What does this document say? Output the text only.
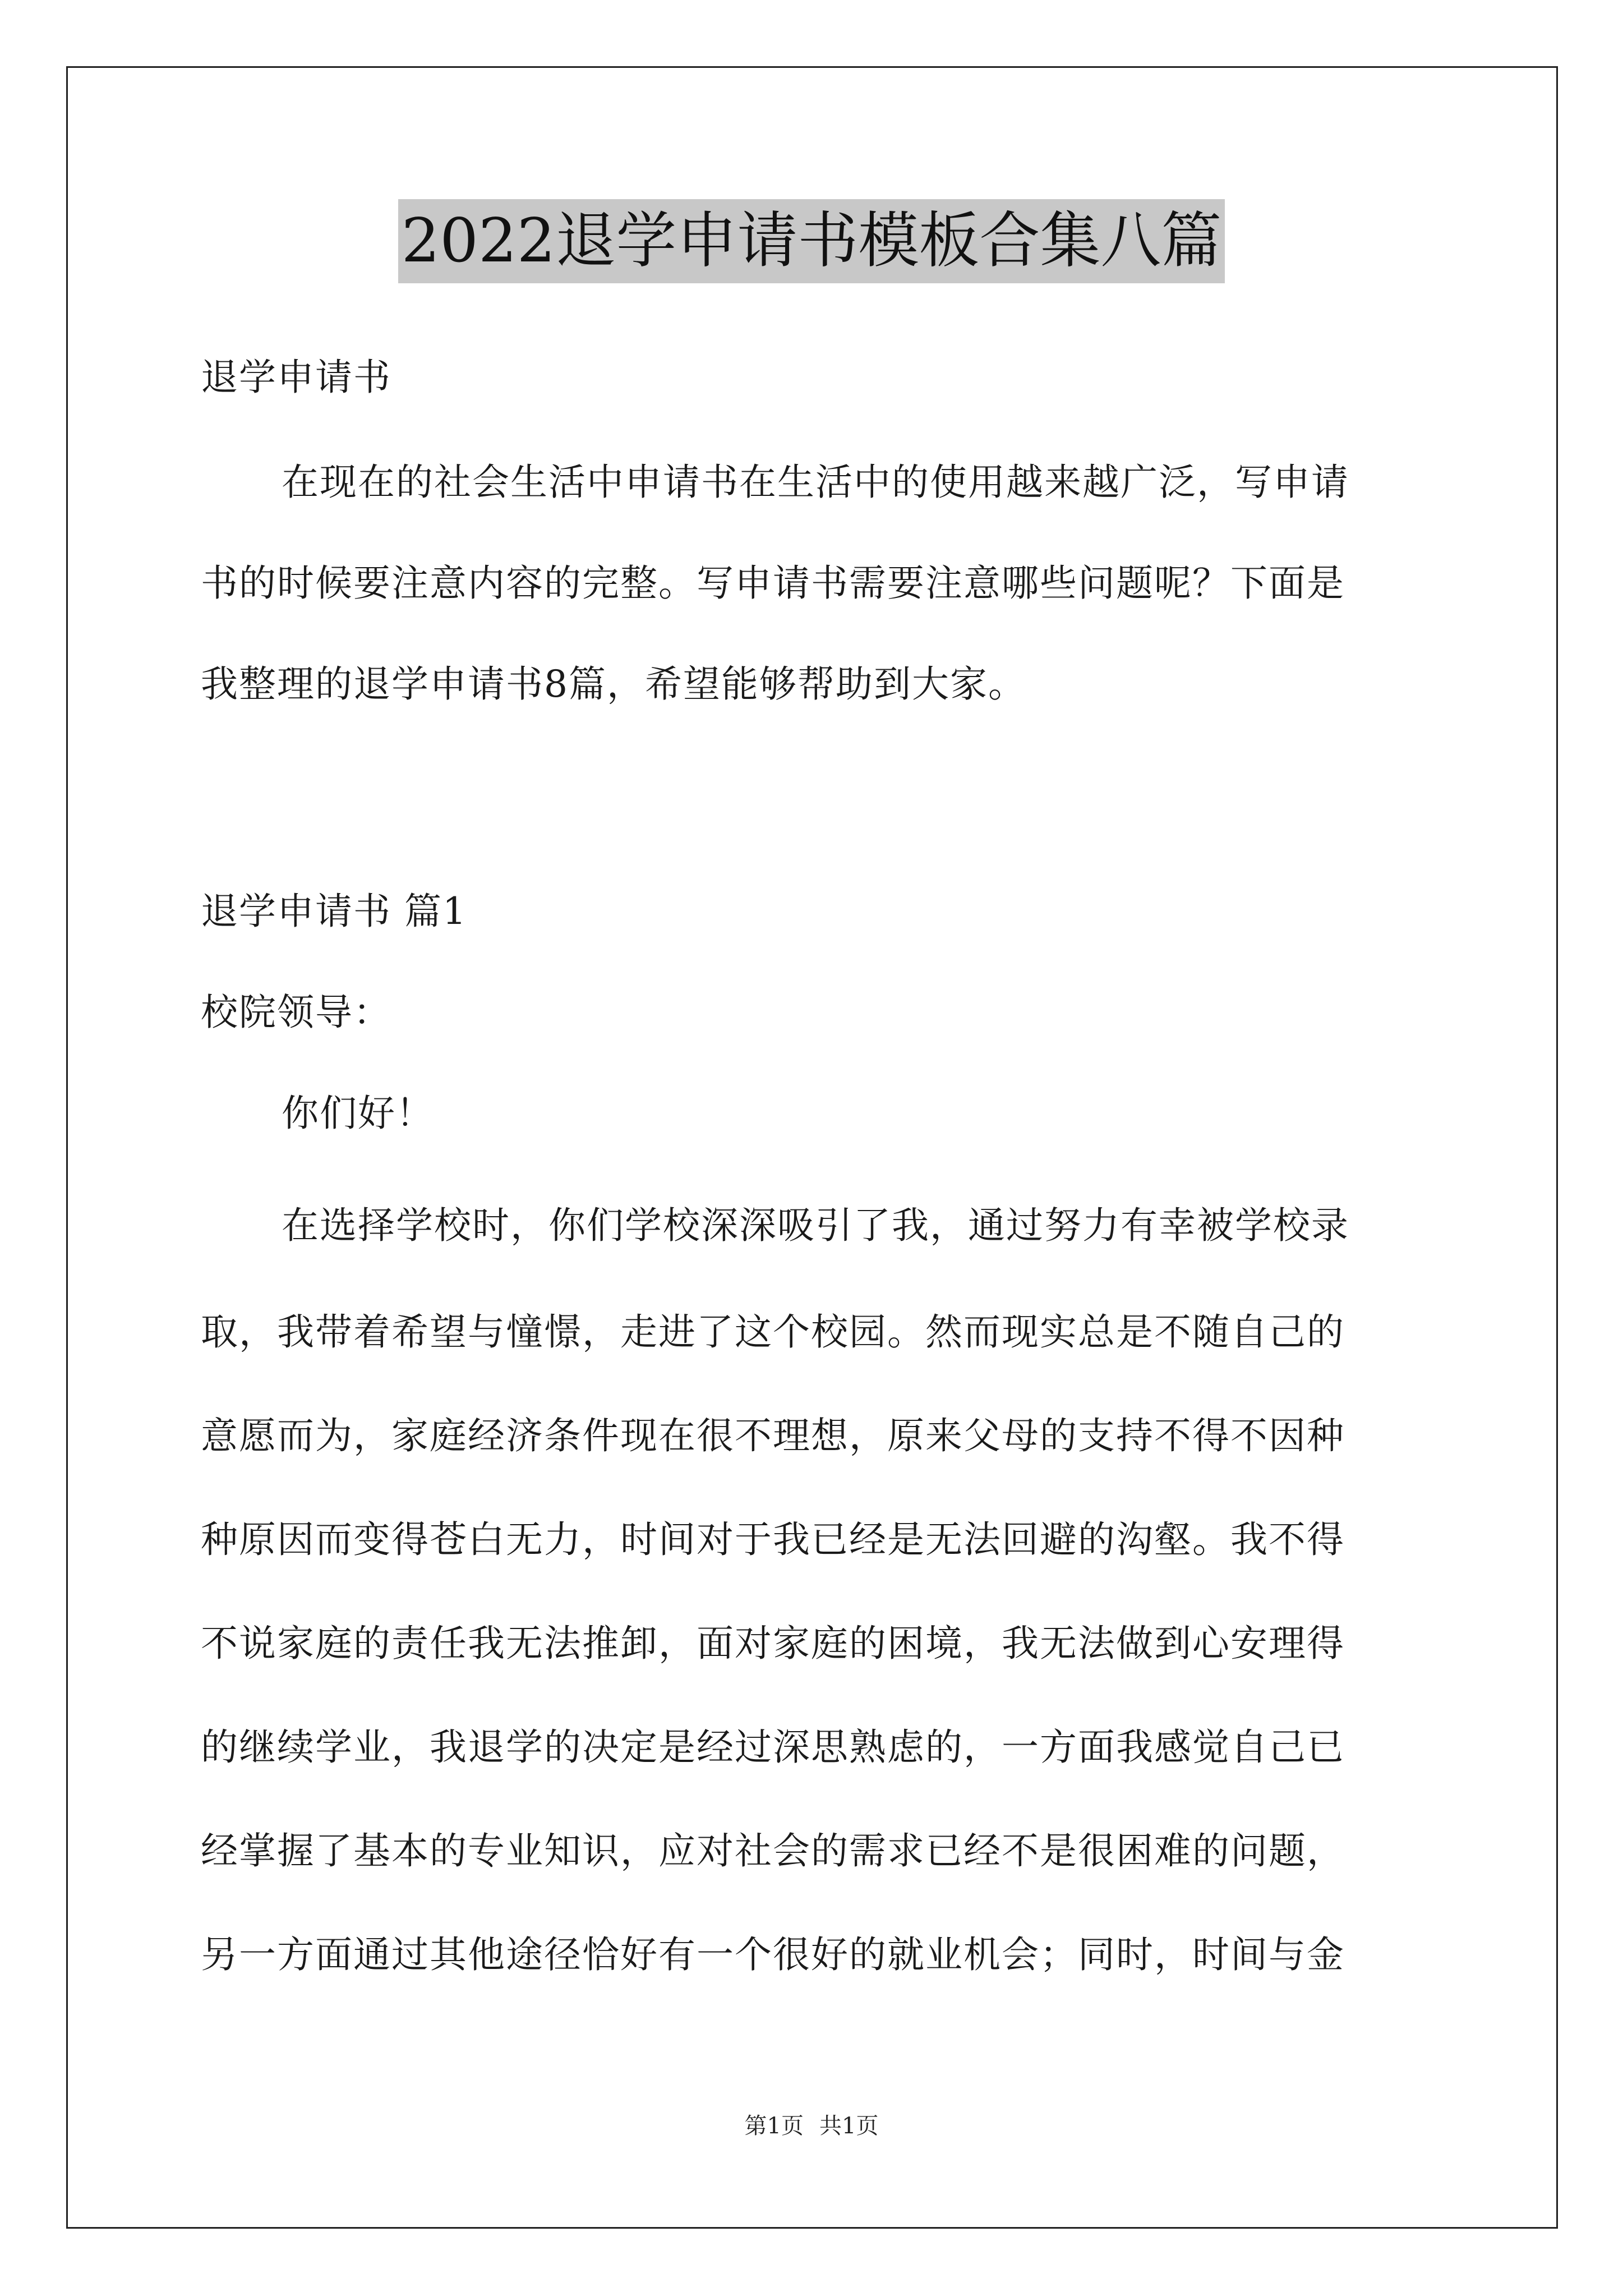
2022退学申请书模板合集八篇
退学申请书
在现在的社会生活中申请书在生活中的使用越来越广泛，写申请
书的时候要注意内容的完整。写申请书需要注意哪些问题呢？下面是
我整理的退学申请书8篇，希望能够帮助到大家。
退学申请书 篇1
校院领导：
你们好！
在选择学校时，你们学校深深吸引了我，通过努力有幸被学校录
取，我带着希望与憧憬，走进了这个校园。然而现实总是不随自己的
意愿而为，家庭经济条件现在很不理想，原来父母的支持不得不因种
种原因而变得苍白无力，时间对于我已经是无法回避的沟壑。我不得
不说家庭的责任我无法推卸，面对家庭的困境，我无法做到心安理得
的继续学业，我退学的决定是经过深思熟虑的，一方面我感觉自己已
经掌握了基本的专业知识，应对社会的需求已经不是很困难的问题，
另一方面通过其他途径恰好有一个很好的就业机会；同时，时间与金
第1页 共1页
